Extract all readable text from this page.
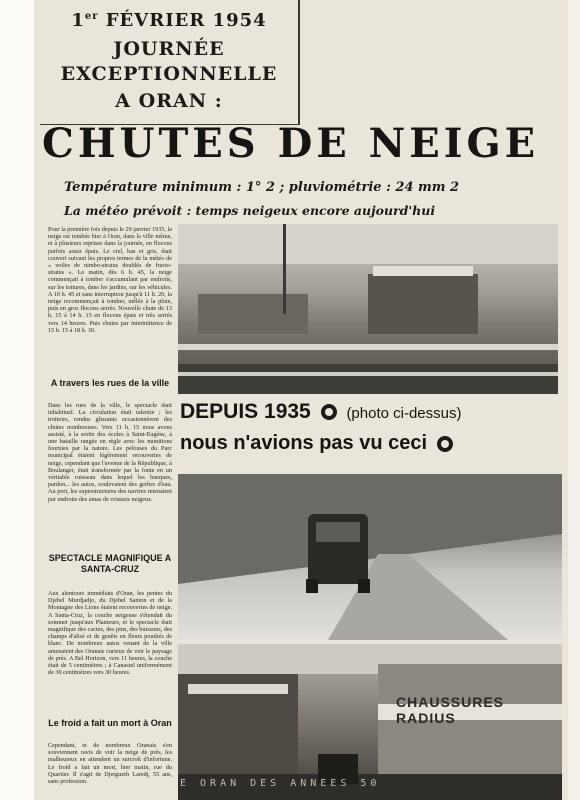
1er FÉVRIER 1954
JOURNÉE
EXCEPTIONNELLE
A ORAN :
CHUTES DE NEIGE
Température minimum : 1° 2 ; pluviométrie : 24 mm 2
La météo prévoit : temps neigeux encore aujourd'hui
Pour la première fois depuis le 29 janvier 1935, la neige est tombée hier à Oran, dans la ville même, et à plusieurs reprises dans la journée, en flocons parfois assez épais. Le ciel, bas et gris, était couvert suivant les propres termes de la météo de « voiles de nimbo-stratus doublés de fracto-stratus ». Le matin, dès 6 h. 45, la neige commençait à tomber s'accumulant par endroits, sur les toitures, dans les jardins, sur les véhicules. A 10 h. 45 et sans interruption jusqu'à 11 h. 20, la neige recommençait à tomber, mêlée à la pluie, puis en gros flocons serrés. Nouvelle chute de 13 h. 15 à 14 h. 15 en flocons épais et très serrés vers 14 heures. Puis chutes par intermittence de 15 h. 15 à 18 h. 30.
A travers les rues de la ville
Dans les rues de la ville, le spectacle était inhabituel. La circulation était ralentie ; les trottoirs, rendus glissants occasionnèrent des chutes nombreuses. Vers 11 h. 15 nous avons assisté, à la sortie des écoles à Saint-Eugène, à une bataille rangée en règle avec les munitions fournies par la nature. Les pelouses du Parc municipal étaient légèrement recouvertes de neige, cependant que l'avenue de la République, à Boulanger, était transformée par la fonte en un véritable ruisseau dans lequel les banques, pardon... les autos, soulevaient des gerbes d'eau. Au port, les superstructures des navires retenaient par endroits des amas de cristaux neigeux.
SPECTACLE MAGNIFIQUE A SANTA-CRUZ
Aux alentours immédiats d'Oran, les pentes du Djebel Murdjadjo, du Djebel Santon et de la Montagne des Lions étaient recouvertes de neige. A Santa-Cruz, la couche neigeuse s'étendait du sommet jusqu'aux Planteurs, et le spectacle était magnifique des cactus, des pins, des buissons, des champs d'alisé et de genêts en fleurs poudrés de blanc. De nombreux autos venant de la ville amenaient des Oranais curieux de voir le paysage de près. A Bel Horizon, vers 11 heures, la couche était de 5 centimètres ; à Canastel uniformément de 30 centimètres vers 30 heures.
Le froid a fait un mort à Oran
Cependant, et de nombreux Oranais s'en souviennent ravis de voir la neige de près, les malheureux en attendent un surcroît d'infortune. Le froid a fait un mort, hier matin, rue du Quartier. Il s'agit de Djerguerb Laredj, 55 ans, sans profession.
DEPUIS 1935 (photo ci-dessus)
nous n'avions pas vu ceci
CHAUSSURES RADIUS
E ORAN DES ANNEES 50
